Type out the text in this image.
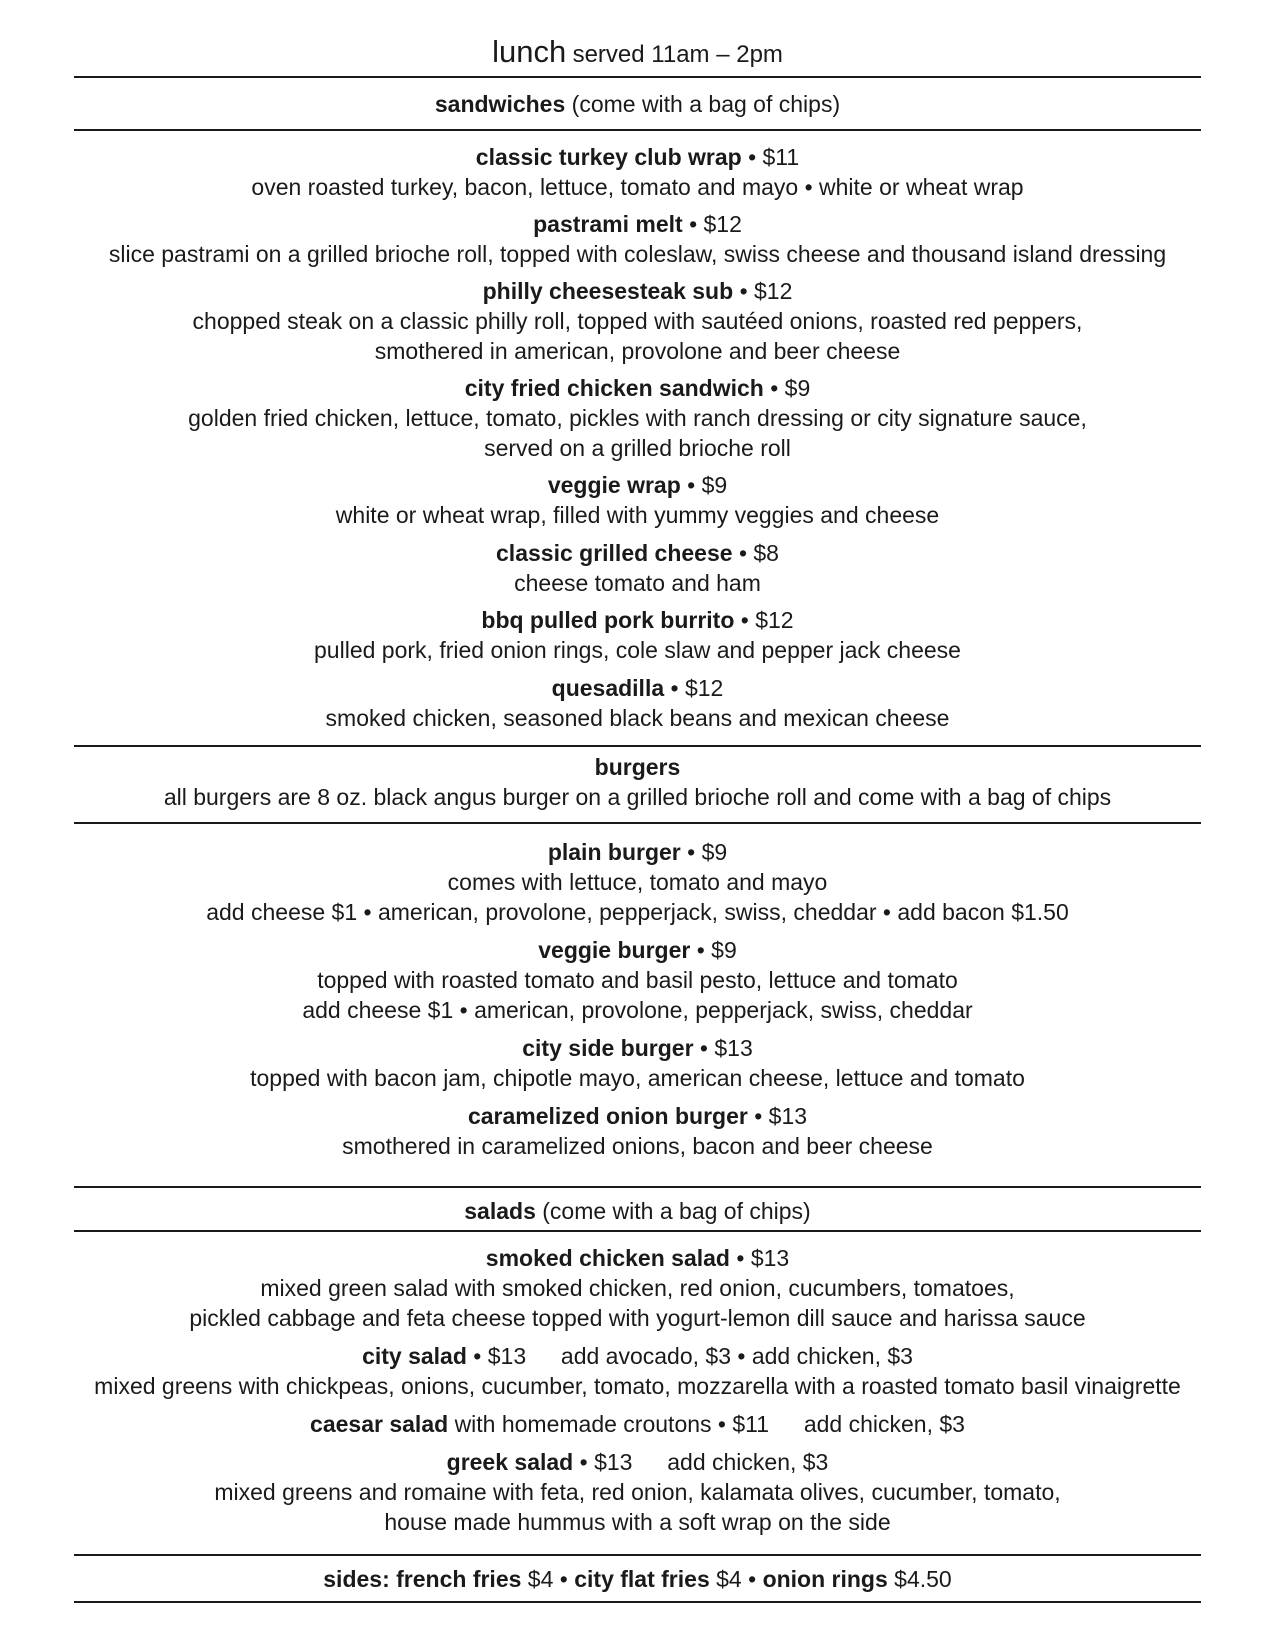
lunch served 11am – 2pm
sandwiches (come with a bag of chips)
classic turkey club wrap • $11
oven roasted turkey, bacon, lettuce, tomato and mayo • white or wheat wrap
pastrami melt • $12
slice pastrami on a grilled brioche roll, topped with coleslaw, swiss cheese and thousand island dressing
philly cheesesteak sub • $12
chopped steak on a classic philly roll, topped with sautéed onions, roasted red peppers,
smothered in american, provolone and beer cheese
city fried chicken sandwich • $9
golden fried chicken, lettuce, tomato, pickles with ranch dressing or city signature sauce,
served on a grilled brioche roll
veggie wrap • $9
white or wheat wrap, filled with yummy veggies and cheese
classic grilled cheese • $8
cheese tomato and ham
bbq pulled pork burrito • $12
pulled pork, fried onion rings, cole slaw and pepper jack cheese
quesadilla • $12
smoked chicken, seasoned black beans and mexican cheese
burgers
all burgers are 8 oz. black angus burger on a grilled brioche roll and come with a bag of chips
plain burger • $9
comes with lettuce, tomato and mayo
add cheese $1 • american, provolone, pepperjack, swiss, cheddar • add bacon $1.50
veggie burger • $9
topped with roasted tomato and basil pesto, lettuce and tomato
add cheese $1 • american, provolone, pepperjack, swiss, cheddar
city side burger • $13
topped with bacon jam, chipotle mayo, american cheese, lettuce and tomato
caramelized onion burger • $13
smothered in caramelized onions, bacon and beer cheese
salads (come with a bag of chips)
smoked chicken salad • $13
mixed green salad with smoked chicken, red onion, cucumbers, tomatoes,
pickled cabbage and feta cheese topped with yogurt-lemon dill sauce and harissa sauce
city salad • $13 add avocado, $3 • add chicken, $3
mixed greens with chickpeas, onions, cucumber, tomato, mozzarella with a roasted tomato basil vinaigrette
caesar salad with homemade croutons • $11 add chicken, $3
greek salad • $13 add chicken, $3
mixed greens and romaine with feta, red onion, kalamata olives, cucumber, tomato,
house made hummus with a soft wrap on the side
sides: french fries $4 • city flat fries $4 • onion rings $4.50
